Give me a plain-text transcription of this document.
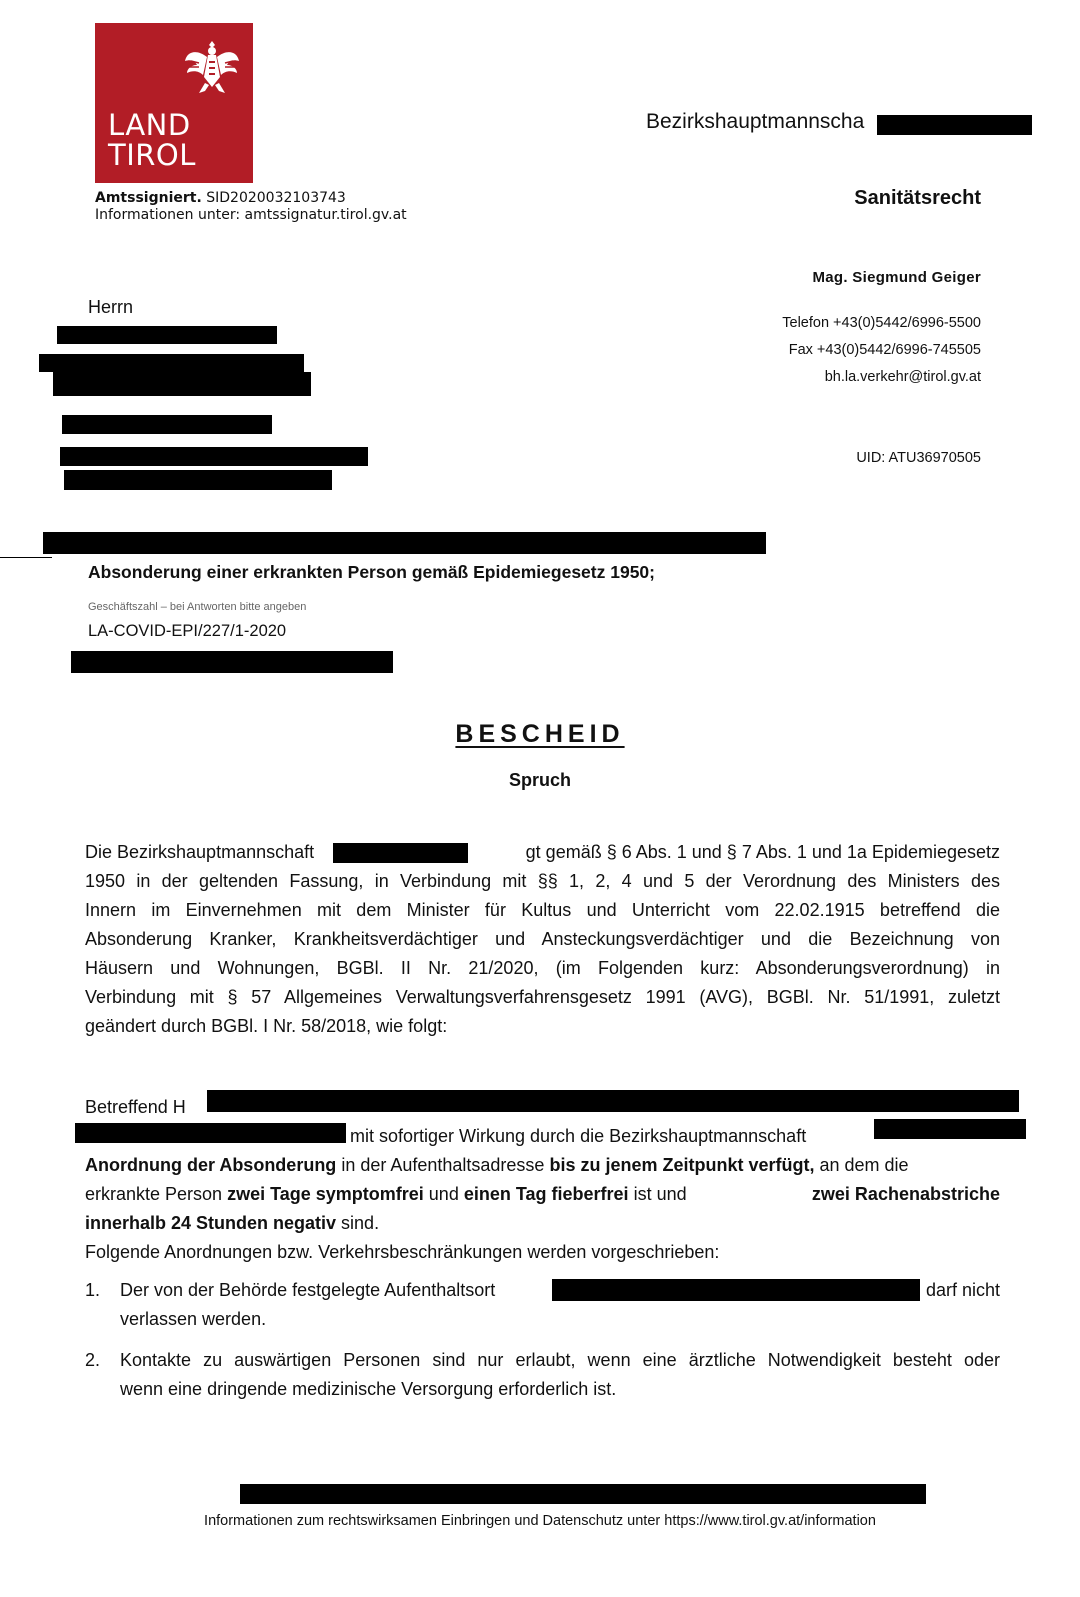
LAND
TIROL
Amtssigniert. SID2020032103743
Informationen unter: amtssignatur.tirol.gv.at
Bezirkshauptmannscha
Sanitätsrecht
Mag. Siegmund Geiger
Telefon +43(0)5442/6996-5500
Fax +43(0)5442/6996-745505
bh.la.verkehr@tirol.gv.at
UID: ATU36970505
Herrn
Absonderung einer erkrankten Person gemäß Epidemiegesetz 1950;
Geschäftszahl – bei Antworten bitte angeben
LA-COVID-EPI/227/1-2020
BESCHEID
Spruch
Die Bezirkshauptmannschaft	gt gemäß § 6 Abs. 1 und § 7 Abs. 1 und 1a Epidemiegesetz
1950 in der geltenden Fassung, in Verbindung mit §§ 1, 2, 4 und 5 der Verordnung des Ministers des
Innern im Einvernehmen mit dem Minister für Kultus und Unterricht vom 22.02.1915 betreffend die
Absonderung Kranker, Krankheitsverdächtiger und Ansteckungsverdächtiger und die Bezeichnung von
Häusern und Wohnungen, BGBl. II Nr. 21/2020, (im Folgenden kurz: Absonderungsverordnung) in
Verbindung mit § 57 Allgemeines Verwaltungsverfahrensgesetz 1991 (AVG), BGBl. Nr. 51/1991, zuletzt
geändert durch BGBl. I Nr. 58/2018, wie folgt:
Betreffend H
mit sofortiger Wirkung durch die Bezirkshauptmannschaft
Anordnung der Absonderung in der Aufenthaltsadresse bis zu jenem Zeitpunkt verfügt, an dem die
erkrankte Person zwei Tage symptomfrei und einen Tag fieberfrei ist und	zwei Rachenabstriche
innerhalb 24 Stunden negativ sind.
Folgende Anordnungen bzw. Verkehrsbeschränkungen werden vorgeschrieben:
1. Der von der Behörde festgelegte Aufenthaltsort	darf nicht
verlassen werden.
2. Kontakte zu auswärtigen Personen sind nur erlaubt, wenn eine ärztliche Notwendigkeit besteht oder
wenn eine dringende medizinische Versorgung erforderlich ist.
Informationen zum rechtswirksamen Einbringen und Datenschutz unter https://www.tirol.gv.at/information
